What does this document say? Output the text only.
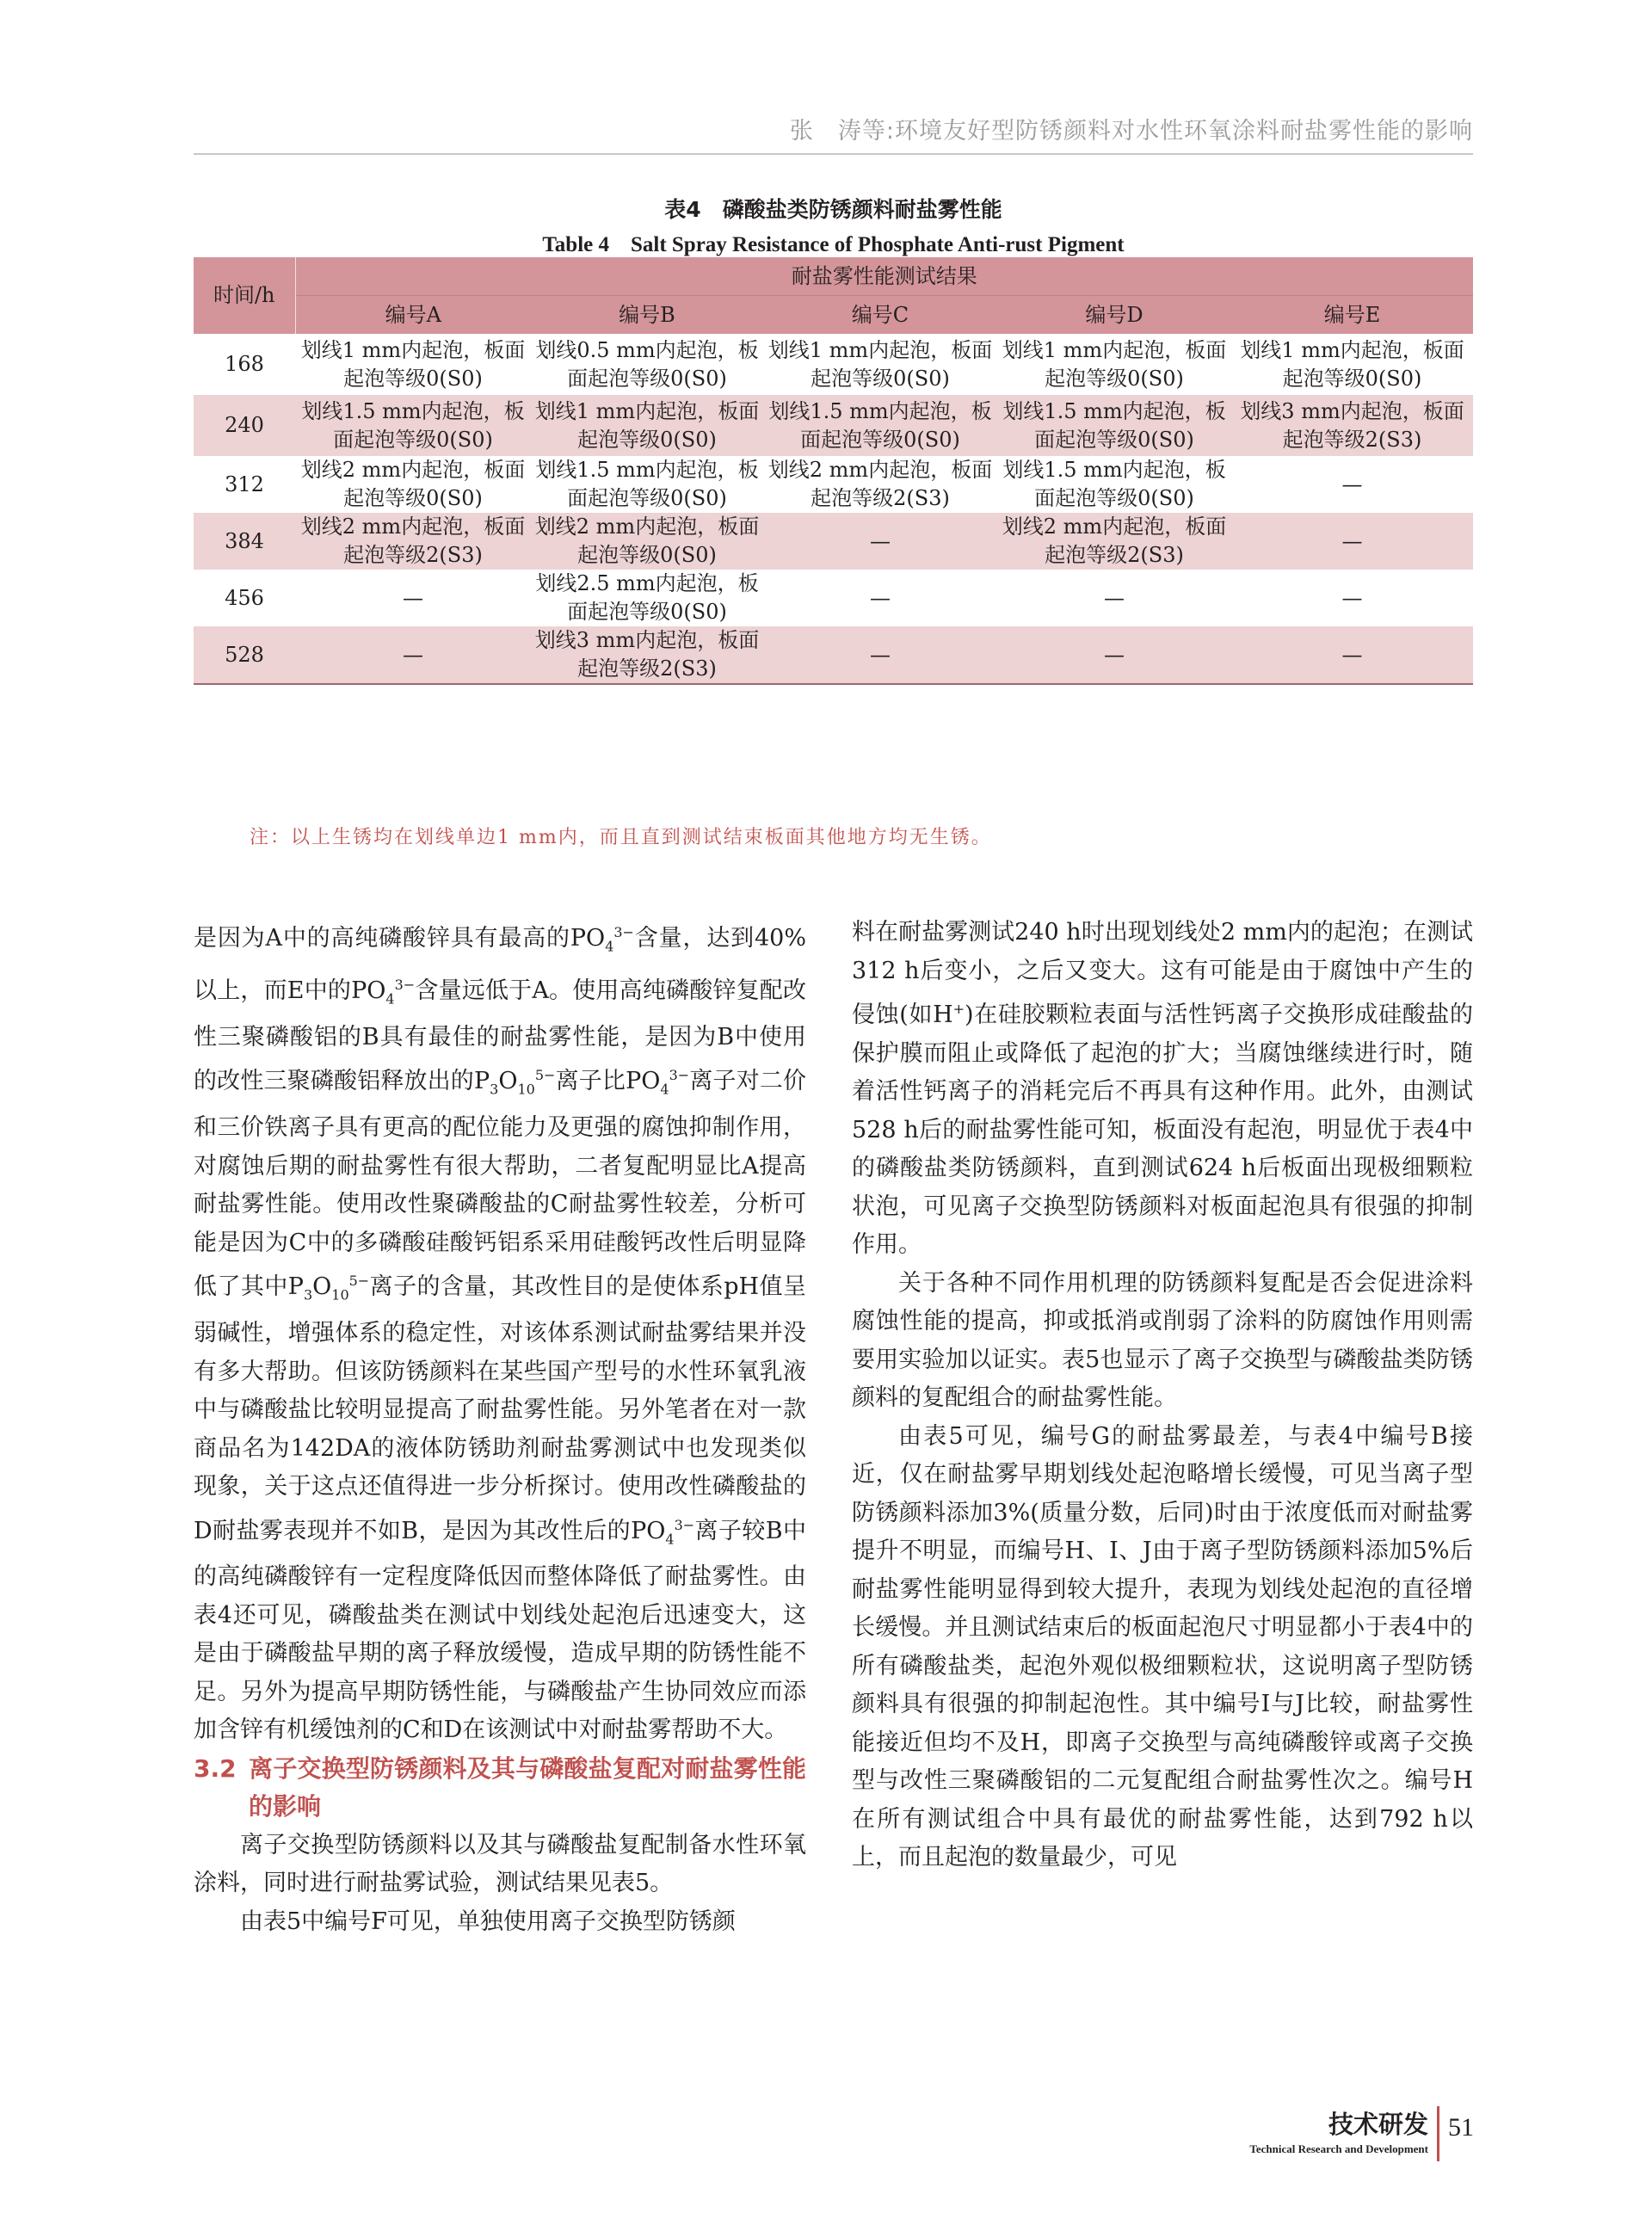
张　涛等:环境友好型防锈颜料对水性环氧涂料耐盐雾性能的影响
表4　磷酸盐类防锈颜料耐盐雾性能
Table 4　Salt Spray Resistance of Phosphate Anti-rust Pigment
时间/h	耐盐雾性能测试结果				
	编号A	编号B	编号C	编号D	编号E
168	划线1 mm内起泡，板面起泡等级0(S0)	划线0.5 mm内起泡，板面起泡等级0(S0)	划线1 mm内起泡，板面起泡等级0(S0)	划线1 mm内起泡，板面起泡等级0(S0)	划线1 mm内起泡，板面起泡等级0(S0)
240	划线1.5 mm内起泡，板面起泡等级0(S0)	划线1 mm内起泡，板面起泡等级0(S0)	划线1.5 mm内起泡，板面起泡等级0(S0)	划线1.5 mm内起泡，板面起泡等级0(S0)	划线3 mm内起泡，板面起泡等级2(S3)
312	划线2 mm内起泡，板面起泡等级0(S0)	划线1.5 mm内起泡，板面起泡等级0(S0)	划线2 mm内起泡，板面起泡等级2(S3)	划线1.5 mm内起泡，板面起泡等级0(S0)	—
384	划线2 mm内起泡，板面起泡等级2(S3)	划线2 mm内起泡，板面起泡等级0(S0)	—	划线2 mm内起泡，板面起泡等级2(S3)	—
456	—	划线2.5 mm内起泡，板面起泡等级0(S0)	—	—	—
528	—	划线3 mm内起泡，板面起泡等级2(S3)	—	—	—
注：以上生锈均在划线单边1 mm内，而且直到测试结束板面其他地方均无生锈。

是因为A中的高纯磷酸锌具有最高的$PO_4^{3-}$含量，达到40%以上，而E中的$PO_4^{3-}$含量远低于A。使用高纯磷酸锌复配改性三聚磷酸铝的B具有最佳的耐盐雾性能，是因为B中使用的改性三聚磷酸铝释放出的$P_3O_{10}^{5-}$离子比$PO_4^{3-}$离子对二价和三价铁离子具有更高的配位能力及更强的腐蚀抑制作用，对腐蚀后期的耐盐雾性有很大帮助，二者复配明显比A提高耐盐雾性能。使用改性聚磷酸盐的C耐盐雾性较差，分析可能是因为C中的多磷酸硅酸钙铝系采用硅酸钙改性后明显降低了其中$P_3O_{10}^{5-}$离子的含量，其改性目的是使体系pH值呈弱碱性，增强体系的稳定性，对该体系测试耐盐雾结果并没有多大帮助。但该防锈颜料在某些国产型号的水性环氧乳液中与磷酸盐比较明显提高了耐盐雾性能。另外笔者在对一款商品名为142DA的液体防锈助剂耐盐雾测试中也发现类似现象，关于这点还值得进一步分析探讨。使用改性磷酸盐的D耐盐雾表现并不如B，是因为其改性后的$PO_4^{3-}$离子较B中的高纯磷酸锌有一定程度降低因而整体降低了耐盐雾性。由表4还可见，磷酸盐类在测试中划线处起泡后迅速变大，这是由于磷酸盐早期的离子释放缓慢，造成早期的防锈性能不足。另外为提高早期防锈性能，与磷酸盐产生协同效应而添加含锌有机缓蚀剂的C和D在该测试中对耐盐雾帮助不大。

3.2 离子交换型防锈颜料及其与磷酸盐复配对耐盐雾性能的影响

离子交换型防锈颜料以及其与磷酸盐复配制备水性环氧涂料，同时进行耐盐雾试验，测试结果见表5。

由表5中编号F可见，单独使用离子交换型防锈颜

料在耐盐雾测试240 h时出现划线处2 mm内的起泡；在测试312 h后变小，之后又变大。这有可能是由于腐蚀中产生的侵蚀(如H+)在硅胶颗粒表面与活性钙离子交换形成硅酸盐的保护膜而阻止或降低了起泡的扩大；当腐蚀继续进行时，随着活性钙离子的消耗完后不再具有这种作用。此外，由测试528 h后的耐盐雾性能可知，板面没有起泡，明显优于表4中的磷酸盐类防锈颜料，直到测试624 h后板面出现极细颗粒状泡，可见离子交换型防锈颜料对板面起泡具有很强的抑制作用。

关于各种不同作用机理的防锈颜料复配是否会促进涂料腐蚀性能的提高，抑或抵消或削弱了涂料的防腐蚀作用则需要用实验加以证实。表5也显示了离子交换型与磷酸盐类防锈颜料的复配组合的耐盐雾性能。

由表5可见，编号G的耐盐雾最差，与表4中编号B接近，仅在耐盐雾早期划线处起泡略增长缓慢，可见当离子型防锈颜料添加3%(质量分数，后同)时由于浓度低而对耐盐雾提升不明显，而编号H、I、J由于离子型防锈颜料添加5%后耐盐雾性能明显得到较大提升，表现为划线处起泡的直径增长缓慢。并且测试结束后的板面起泡尺寸明显都小于表4中的所有磷酸盐类，起泡外观似极细颗粒状，这说明离子型防锈颜料具有很强的抑制起泡性。其中编号I与J比较，耐盐雾性能接近但均不及H，即离子交换型与高纯磷酸锌或离子交换型与改性三聚磷酸铝的二元复配组合耐盐雾性次之。编号H在所有测试组合中具有最优的耐盐雾性能，达到792 h以上，而且起泡的数量最少，可见

技术研发
Technical Research and Development
51
